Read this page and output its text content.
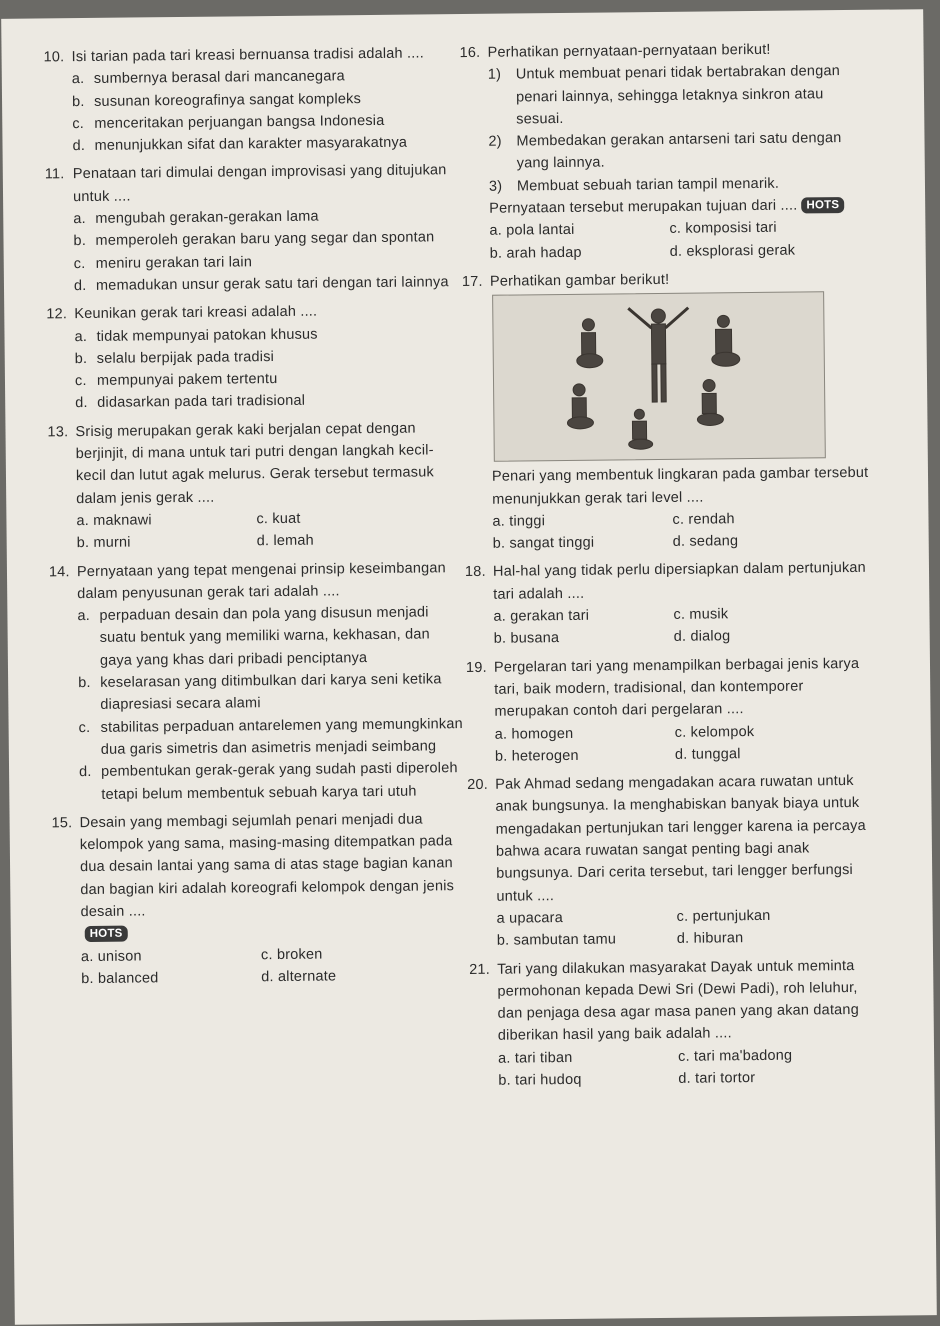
10. Isi tarian pada tari kreasi bernuansa tradisi adalah ....
a. sumbernya berasal dari mancanegara
b. susunan koreografinya sangat kompleks
c. menceritakan perjuangan bangsa Indonesia
d. menunjukkan sifat dan karakter masyarakatnya
11. Penataan tari dimulai dengan improvisasi yang ditujukan untuk ....
a. mengubah gerakan-gerakan lama
b. memperoleh gerakan baru yang segar dan spontan
c. meniru gerakan tari lain
d. memadukan unsur gerak satu tari dengan tari lainnya
12. Keunikan gerak tari kreasi adalah ....
a. tidak mempunyai patokan khusus
b. selalu berpijak pada tradisi
c. mempunyai pakem tertentu
d. didasarkan pada tari tradisional
13. Srisig merupakan gerak kaki berjalan cepat dengan berjinjit, di mana untuk tari putri dengan langkah kecil-kecil dan lutut agak melurus. Gerak tersebut termasuk dalam jenis gerak ....
a. maknawi	c. kuat
b. murni	d. lemah
14. Pernyataan yang tepat mengenai prinsip keseimbangan dalam penyusunan gerak tari adalah ....
a. perpaduan desain dan pola yang disusun menjadi suatu bentuk yang memiliki warna, kekhasan, dan gaya yang khas dari pribadi penciptanya
b. keselarasan yang ditimbulkan dari karya seni ketika diapresiasi secara alami
c. stabilitas perpaduan antarelemen yang memungkinkan dua garis simetris dan asimetris menjadi seimbang
d. pembentukan gerak-gerak yang sudah pasti diperoleh tetapi belum membentuk sebuah karya tari utuh
15. Desain yang membagi sejumlah penari menjadi dua kelompok yang sama, masing-masing ditempatkan pada dua desain lantai yang sama di atas stage bagian kanan dan bagian kiri adalah koreografi kelompok dengan jenis desain ....
HOTS
a. unison	c. broken
b. balanced	d. alternate
16. Perhatikan pernyataan-pernyataan berikut!
1)	Untuk membuat penari tidak bertabrakan dengan penari lainnya, sehingga letaknya sinkron atau sesuai.
2)	Membedakan gerakan antarseni tari satu dengan yang lainnya.
3)	Membuat sebuah tarian tampil menarik.
Pernyataan tersebut merupakan tujuan dari .... HOTS
a. pola lantai	c. komposisi tari
b. arah hadap	d. eksplorasi gerak
17. Perhatikan gambar berikut!
Penari yang membentuk lingkaran pada gambar tersebut menunjukkan gerak tari level ....
a. tinggi	c. rendah
b. sangat tinggi	d. sedang
18. Hal-hal yang tidak perlu dipersiapkan dalam pertunjukan tari adalah ....
a. gerakan tari	c. musik
b. busana	d. dialog
19. Pergelaran tari yang menampilkan berbagai jenis karya tari, baik modern, tradisional, dan kontemporer merupakan contoh dari pergelaran ....
a. homogen	c. kelompok
b. heterogen	d. tunggal
20. Pak Ahmad sedang mengadakan acara ruwatan untuk anak bungsunya. Ia menghabiskan banyak biaya untuk mengadakan pertunjukan tari lengger karena ia percaya bahwa acara ruwatan sangat penting bagi anak bungsunya. Dari cerita tersebut, tari lengger berfungsi untuk ....
a upacara	c. pertunjukan
b. sambutan tamu	d. hiburan
21. Tari yang dilakukan masyarakat Dayak untuk meminta permohonan kepada Dewi Sri (Dewi Padi), roh leluhur, dan penjaga desa agar masa panen yang akan datang diberikan hasil yang baik adalah ....
a. tari tiban	c. tari ma'badong
b. tari hudoq	d. tari tortor
